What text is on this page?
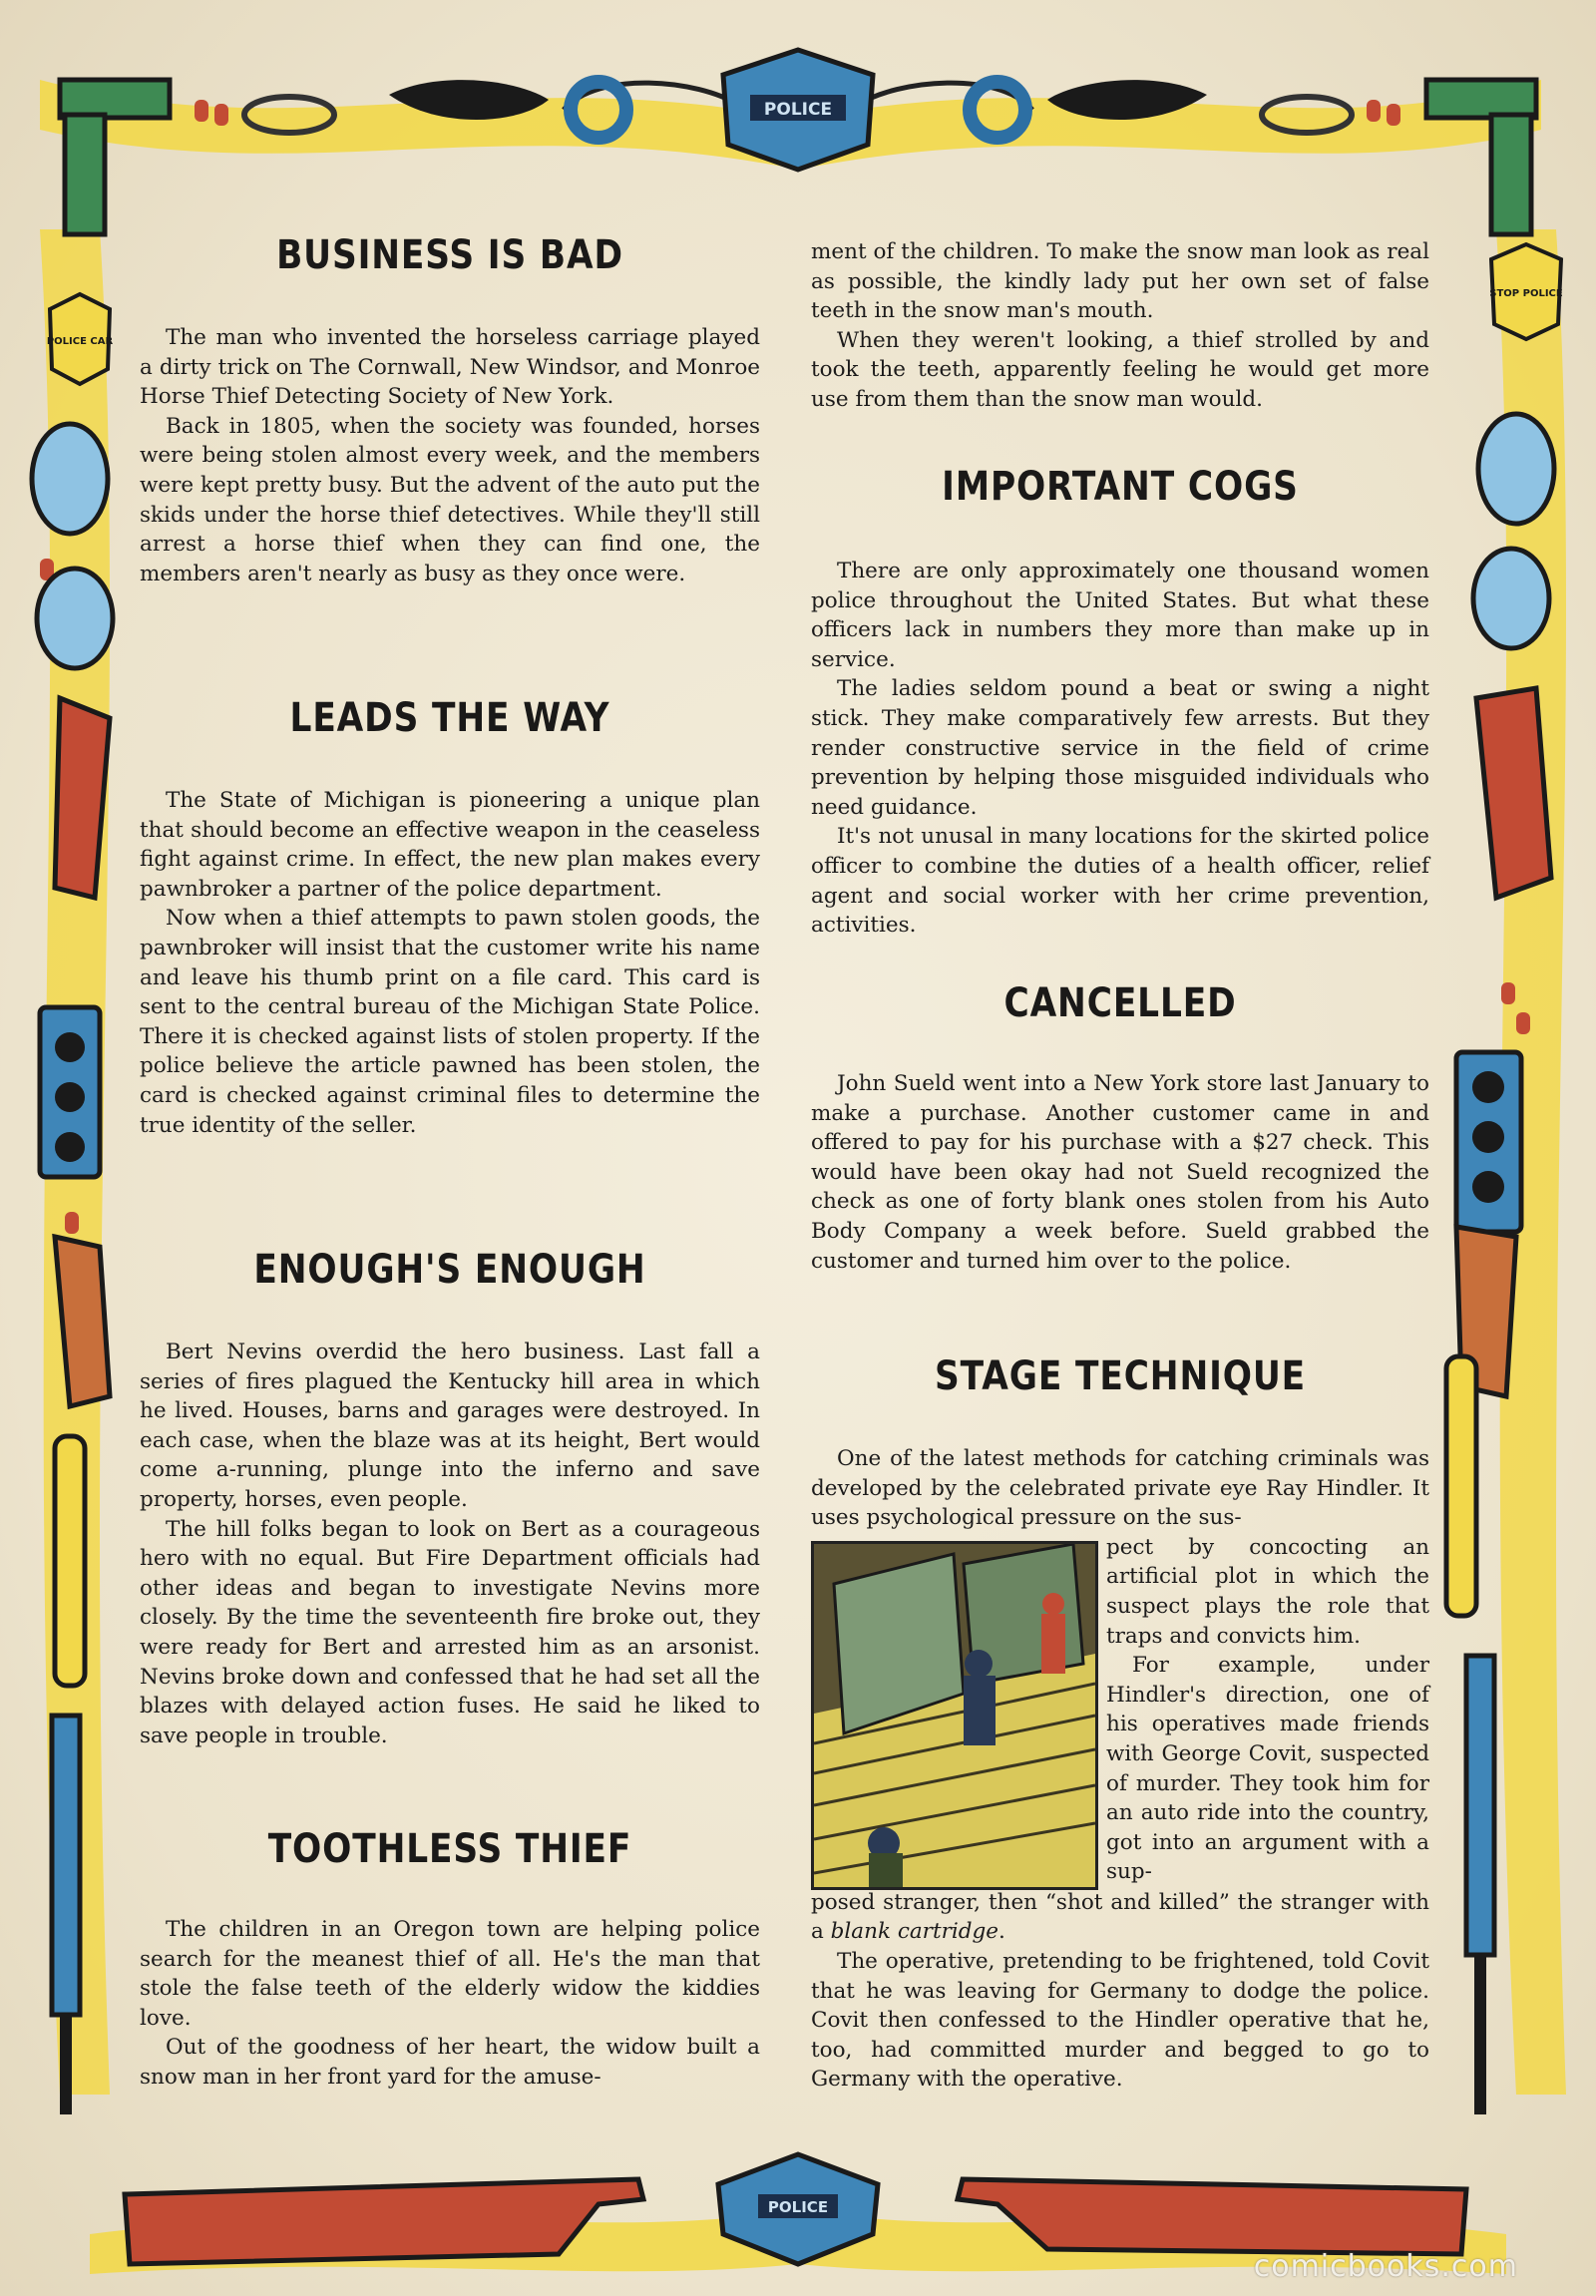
POLICE
POLICE CAR
STOP POLICE
POLICE
BUSINESS IS BAD

The man who invented the horseless carriage played a dirty trick on The Cornwall, New Windsor, and Monroe Horse Thief Detecting Society of New York.

Back in 1805, when the society was founded, horses were being stolen almost every week, and the members were kept pretty busy. But the advent of the auto put the skids under the horse thief detectives. While they'll still arrest a horse thief when they can find one, the members aren't nearly as busy as they once were.

LEADS THE WAY

The State of Michigan is pioneering a unique plan that should become an effective weapon in the ceaseless fight against crime. In effect, the new plan makes every pawnbroker a partner of the police department.

Now when a thief attempts to pawn stolen goods, the pawnbroker will insist that the customer write his name and leave his thumb print on a file card. This card is sent to the central bureau of the Michigan State Police. There it is checked against lists of stolen property. If the police believe the article pawned has been stolen, the card is checked against criminal files to determine the true identity of the seller.

ENOUGH'S ENOUGH

Bert Nevins overdid the hero business. Last fall a series of fires plagued the Kentucky hill area in which he lived. Houses, barns and garages were destroyed. In each case, when the blaze was at its height, Bert would come a-running, plunge into the inferno and save property, horses, even people.

The hill folks began to look on Bert as a courageous hero with no equal. But Fire Department officials had other ideas and began to investigate Nevins more closely. By the time the seventeenth fire broke out, they were ready for Bert and arrested him as an arsonist. Nevins broke down and confessed that he had set all the blazes with delayed action fuses. He said he liked to save people in trouble.

TOOTHLESS THIEF

The children in an Oregon town are helping police search for the meanest thief of all. He's the man that stole the false teeth of the elderly widow the kiddies love.

Out of the goodness of her heart, the widow built a snow man in her front yard for the amuse-

ment of the children. To make the snow man look as real as possible, the kindly lady put her own set of false teeth in the snow man's mouth.

When they weren't looking, a thief strolled by and took the teeth, apparently feeling he would get more use from them than the snow man would.

IMPORTANT COGS

There are only approximately one thousand women police throughout the United States. But what these officers lack in numbers they more than make up in service.

The ladies seldom pound a beat or swing a night stick. They make comparatively few arrests. But they render constructive service in the field of crime prevention by helping those misguided individuals who need guidance.

It's not unusal in many locations for the skirted police officer to combine the duties of a health officer, relief agent and social worker with her crime prevention, activities.

CANCELLED

John Sueld went into a New York store last January to make a purchase. Another customer came in and offered to pay for his purchase with a $27 check. This would have been okay had not Sueld recognized the check as one of forty blank ones stolen from his Auto Body Company a week before. Sueld grabbed the customer and turned him over to the police.

STAGE TECHNIQUE

One of the latest methods for catching criminals was developed by the celebrated private eye Ray Hindler. It uses psychological pressure on the sus-

pect by concocting an artificial plot in which the suspect plays the role that traps and convicts him.

For example, under Hindler's direction, one of his operatives made friends with George Covit, suspected of murder. They took him for an auto ride into the country, got into an argument with a sup-

posed stranger, then “shot and killed” the stranger with a blank cartridge.

The operative, pretending to be frightened, told Covit that he was leaving for Germany to dodge the police. Covit then confessed to the Hindler operative that he, too, had committed murder and begged to go to Germany with the operative.

comicbooks.com
